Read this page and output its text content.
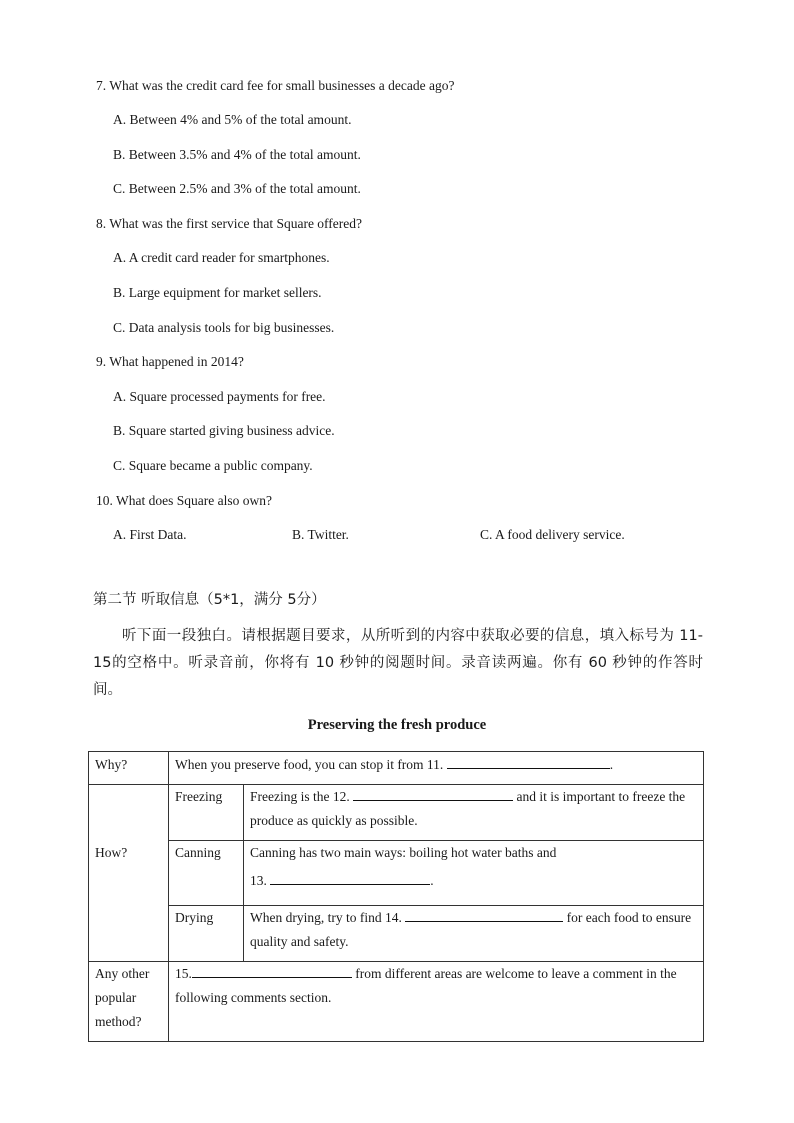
7. What was the credit card fee for small businesses a decade ago?
A. Between 4% and 5% of the total amount.
B. Between 3.5% and 4% of the total amount.
C. Between 2.5% and 3% of the total amount.
8. What was the first service that Square offered?
A. A credit card reader for smartphones.
B. Large equipment for market sellers.
C. Data analysis tools for big businesses.
9. What happened in 2014?
A. Square processed payments for free.
B. Square started giving business advice.
C. Square became a public company.
10. What does Square also own?
A. First Data.	B. Twitter.	C. A food delivery service.
第二节 听取信息（5*1，满分 5分）
听下面一段独白。请根据题目要求，从所听到的内容中获取必要的信息，填入标号为 11-15的空格中。听录音前，你将有 10 秒钟的阅题时间。录音读两遍。你有 60 秒钟的作答时间。
Preserving the fresh produce
Why?	When you preserve food, you can stop it from 11. .	
How?	Freezing	Freezing is the 12. and it is important to freeze the produce as quickly as possible.
	Canning	Canning has two main ways: boiling hot water baths and
13. .
	Drying	When drying, try to find 14. for each food to ensure quality and safety.
Any other popular method?	15. from different areas are welcome to leave a comment in the following comments section.	
